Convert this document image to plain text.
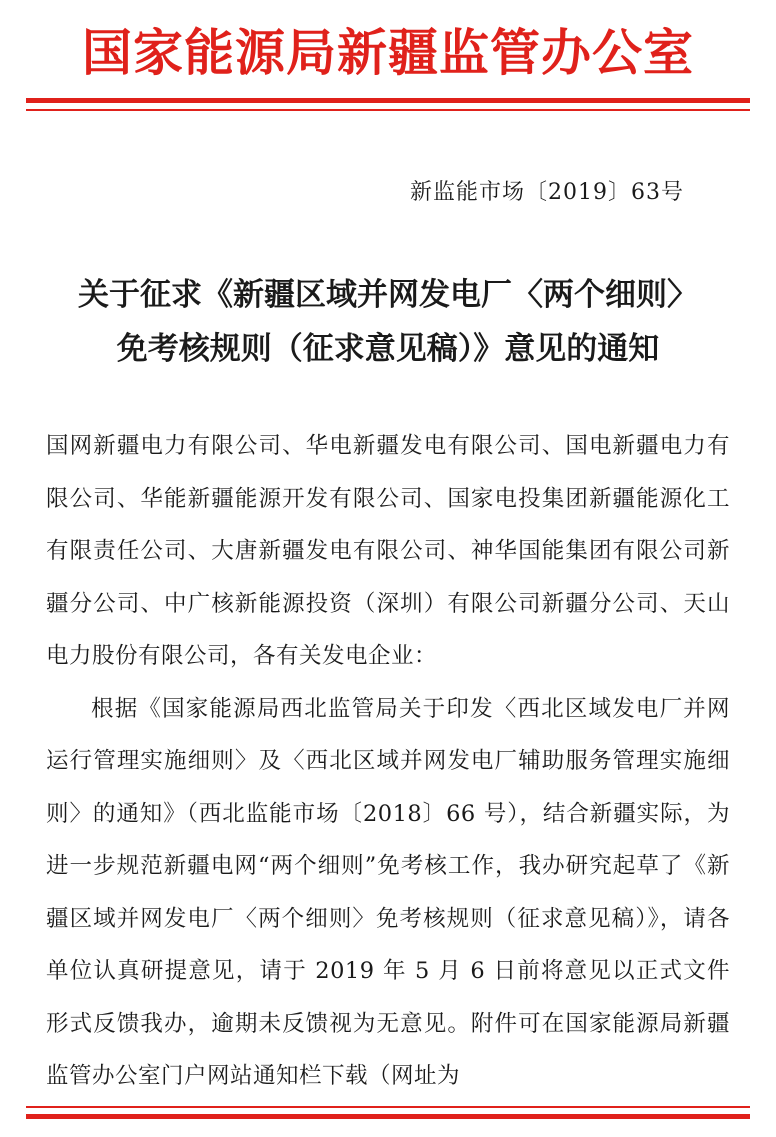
国家能源局新疆监管办公室
新监能市场〔2019〕63号
关于征求《新疆区域并网发电厂〈两个细则〉
免考核规则（征求意见稿）》意见的通知

国网新疆电力有限公司、华电新疆发电有限公司、国电新疆电力有限公司、华能新疆能源开发有限公司、国家电投集团新疆能源化工有限责任公司、大唐新疆发电有限公司、神华国能集团有限公司新疆分公司、中广核新能源投资（深圳）有限公司新疆分公司、天山电力股份有限公司，各有关发电企业：

根据《国家能源局西北监管局关于印发〈西北区域发电厂并网运行管理实施细则〉及〈西北区域并网发电厂辅助服务管理实施细则〉的通知》（西北监能市场〔2018〕66 号），结合新疆实际，为进一步规范新疆电网“两个细则”免考核工作，我办研究起草了《新疆区域并网发电厂〈两个细则〉免考核规则（征求意见稿）》，请各单位认真研提意见，请于 2019 年 5 月 6 日前将意见以正式文件形式反馈我办，逾期未反馈视为无意见。附件可在国家能源局新疆监管办公室门户网站通知栏下载（网址为
